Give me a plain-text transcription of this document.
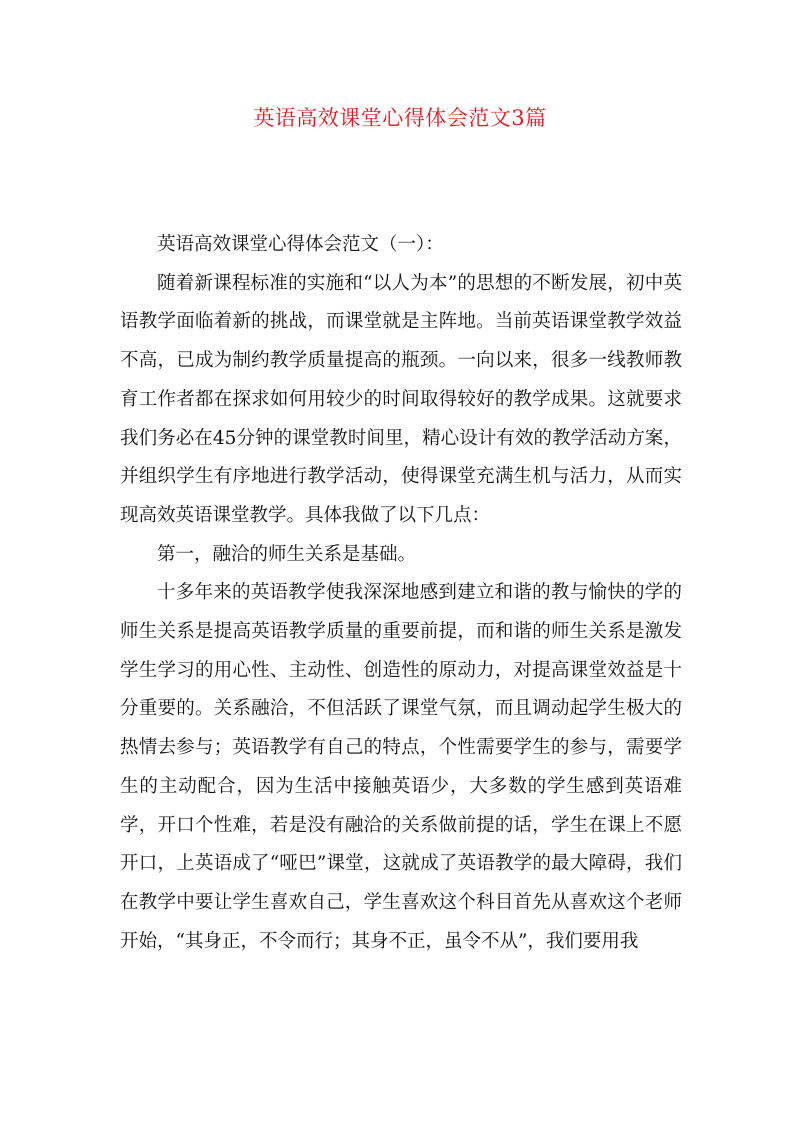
英语高效课堂心得体会范文3篇

英语高效课堂心得体会范文（一）：

随着新课程标准的实施和“以人为本”的思想的不断发展，初中英语教学面临着新的挑战，而课堂就是主阵地。当前英语课堂教学效益不高，已成为制约教学质量提高的瓶颈。一向以来，很多一线教师教育工作者都在探求如何用较少的时间取得较好的教学成果。这就要求我们务必在45分钟的课堂教时间里，精心设计有效的教学活动方案，并组织学生有序地进行教学活动，使得课堂充满生机与活力，从而实现高效英语课堂教学。具体我做了以下几点：

第一，融洽的师生关系是基础。

十多年来的英语教学使我深深地感到建立和谐的教与愉快的学的师生关系是提高英语教学质量的重要前提，而和谐的师生关系是激发学生学习的用心性、主动性、创造性的原动力，对提高课堂效益是十分重要的。关系融洽，不但活跃了课堂气氛，而且调动起学生极大的热情去参与；英语教学有自己的特点，个性需要学生的参与，需要学生的主动配合，因为生活中接触英语少，大多数的学生感到英语难学，开口个性难，若是没有融洽的关系做前提的话，学生在课上不愿开口，上英语成了“哑巴”课堂，这就成了英语教学的最大障碍，我们在教学中要让学生喜欢自己，学生喜欢这个科目首先从喜欢这个老师开始，“其身正，不令而行；其身不正，虽令不从”，我们要用我
